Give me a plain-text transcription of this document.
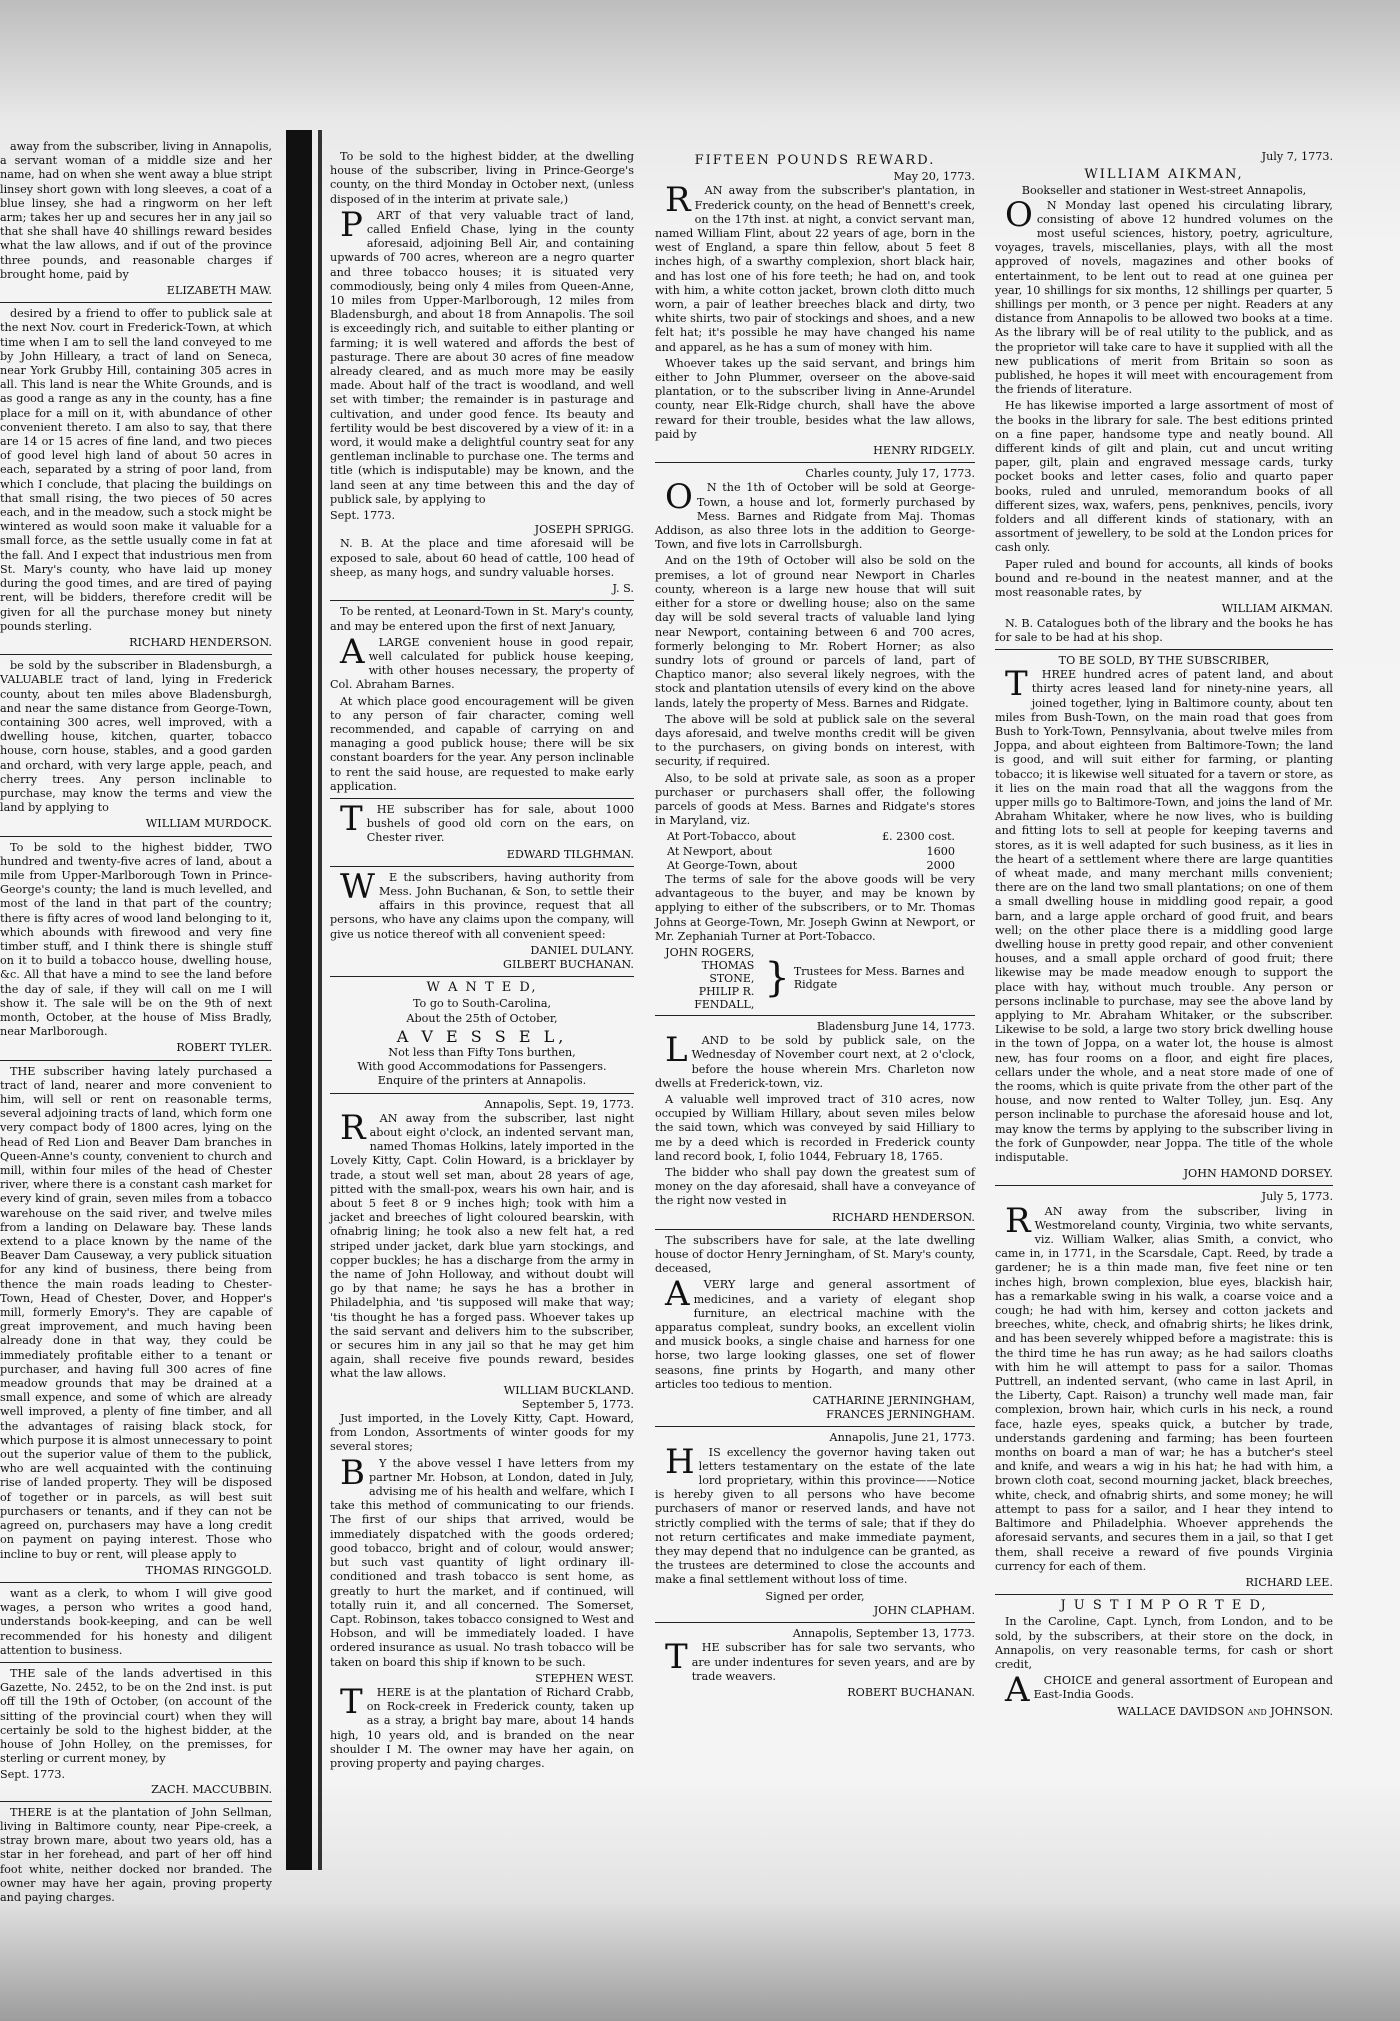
away from the subscriber, living in Annapolis, a servant woman of a middle size and her name, had on when she went away a blue stript linsey short gown with long sleeves, a coat of a blue linsey, she had a ringworm on her left arm; takes her up and secures her in any jail so that she shall have 40 shillings reward besides what the law allows, and if out of the province three pounds, and reasonable charges if brought home, paid by

ELIZABETH MAW.

desired by a friend to offer to publick sale at the next Nov. court in Frederick-Town, at which time when I am to sell the land conveyed to me by John Hilleary, a tract of land on Seneca, near York Grubby Hill, containing 305 acres in all. This land is near the White Grounds, and is as good a range as any in the county, has a fine place for a mill on it, with abundance of other convenient thereto. I am also to say, that there are 14 or 15 acres of fine land, and two pieces of good level high land of about 50 acres in each, separated by a string of poor land, from which I conclude, that placing the buildings on that small rising, the two pieces of 50 acres each, and in the meadow, such a stock might be wintered as would soon make it valuable for a small force, as the settle usually come in fat at the fall. And I expect that industrious men from St. Mary's county, who have laid up money during the good times, and are tired of paying rent, will be bidders, therefore credit will be given for all the purchase money but ninety pounds sterling.

RICHARD HENDERSON.

be sold by the subscriber in Bladensburgh, a VALUABLE tract of land, lying in Frederick county, about ten miles above Bladensburgh, and near the same distance from George-Town, containing 300 acres, well improved, with a dwelling house, kitchen, quarter, tobacco house, corn house, stables, and a good garden and orchard, with very large apple, peach, and cherry trees. Any person inclinable to purchase, may know the terms and view the land by applying to

WILLIAM MURDOCK.

To be sold to the highest bidder, TWO hundred and twenty-five acres of land, about a mile from Upper-Marlborough Town in Prince-George's county; the land is much levelled, and most of the land in that part of the country; there is fifty acres of wood land belonging to it, which abounds with firewood and very fine timber stuff, and I think there is shingle stuff on it to build a tobacco house, dwelling house, &c. All that have a mind to see the land before the day of sale, if they will call on me I will show it. The sale will be on the 9th of next month, October, at the house of Miss Bradly, near Marlborough.

ROBERT TYLER.

THE subscriber having lately purchased a tract of land, nearer and more convenient to him, will sell or rent on reasonable terms, several adjoining tracts of land, which form one very compact body of 1800 acres, lying on the head of Red Lion and Beaver Dam branches in Queen-Anne's county, convenient to church and mill, within four miles of the head of Chester river, where there is a constant cash market for every kind of grain, seven miles from a tobacco warehouse on the said river, and twelve miles from a landing on Delaware bay. These lands extend to a place known by the name of the Beaver Dam Causeway, a very publick situation for any kind of business, there being from thence the main roads leading to Chester-Town, Head of Chester, Dover, and Hopper's mill, formerly Emory's. They are capable of great improvement, and much having been already done in that way, they could be immediately profitable either to a tenant or purchaser, and having full 300 acres of fine meadow grounds that may be drained at a small expence, and some of which are already well improved, a plenty of fine timber, and all the advantages of raising black stock, for which purpose it is almost unnecessary to point out the superior value of them to the publick, who are well acquainted with the continuing rise of landed property. They will be disposed of together or in parcels, as will best suit purchasers or tenants, and if they can not be agreed on, purchasers may have a long credit on payment on paying interest. Those who incline to buy or rent, will please apply to

THOMAS RINGGOLD.

want as a clerk, to whom I will give good wages, a person who writes a good hand, understands book-keeping, and can be well recommended for his honesty and diligent attention to business.

THE sale of the lands advertised in this Gazette, No. 2452, to be on the 2nd inst. is put off till the 19th of October, (on account of the sitting of the provincial court) when they will certainly be sold to the highest bidder, at the house of John Holley, on the premisses, for sterling or current money, by

Sept. 1773.
ZACH. MACCUBBIN.

THERE is at the plantation of John Sellman, living in Baltimore county, near Pipe-creek, a stray brown mare, about two years old, has a star in her forehead, and part of her off hind foot white, neither docked nor branded. The owner may have her again, proving property and paying charges.

To be sold to the highest bidder, at the dwelling house of the subscriber, living in Prince-George's county, on the third Monday in October next, (unless disposed of in the interim at private sale,)

PART of that very valuable tract of land, called Enfield Chase, lying in the county aforesaid, adjoining Bell Air, and containing upwards of 700 acres, whereon are a negro quarter and three tobacco houses; it is situated very commodiously, being only 4 miles from Queen-Anne, 10 miles from Upper-Marlborough, 12 miles from Bladensburgh, and about 18 from Annapolis. The soil is exceedingly rich, and suitable to either planting or farming; it is well watered and affords the best of pasturage. There are about 30 acres of fine meadow already cleared, and as much more may be easily made. About half of the tract is woodland, and well set with timber; the remainder is in pasturage and cultivation, and under good fence. Its beauty and fertility would be best discovered by a view of it: in a word, it would make a delightful country seat for any gentleman inclinable to purchase one. The terms and title (which is indisputable) may be known, and the land seen at any time between this and the day of publick sale, by applying to

Sept. 1773.
JOSEPH SPRIGG.

N. B. At the place and time aforesaid will be exposed to sale, about 60 head of cattle, 100 head of sheep, as many hogs, and sundry valuable horses.

J. S.

To be rented, at Leonard-Town in St. Mary's county, and may be entered upon the first of next January,

ALARGE convenient house in good repair, well calculated for publick house keeping, with other houses necessary, the property of Col. Abraham Barnes.

At which place good encouragement will be given to any person of fair character, coming well recommended, and capable of carrying on and managing a good publick house; there will be six constant boarders for the year. Any person inclinable to rent the said house, are requested to make early application.

THE subscriber has for sale, about 1000 bushels of good old corn on the ears, on Chester river.

EDWARD TILGHMAN.

WE the subscribers, having authority from Mess. John Buchanan, & Son, to settle their affairs in this province, request that all persons, who have any claims upon the company, will give us notice thereof with all convenient speed:

DANIEL DULANY.
GILBERT BUCHANAN.
W A N T E D,
To go to South-Carolina,
About the 25th of October,
A V E S S E L,
Not less than Fifty Tons burthen,
With good Accommodations for Passengers.
Enquire of the printers at Annapolis.
Annapolis, Sept. 19, 1773.

RAN away from the subscriber, last night about eight o'clock, an indented servant man, named Thomas Holkins, lately imported in the Lovely Kitty, Capt. Colin Howard, is a bricklayer by trade, a stout well set man, about 28 years of age, pitted with the small-pox, wears his own hair, and is about 5 feet 8 or 9 inches high; took with him a jacket and breeches of light coloured bearskin, with ofnabrig lining; he took also a new felt hat, a red striped under jacket, dark blue yarn stockings, and copper buckles; he has a discharge from the army in the name of John Holloway, and without doubt will go by that name; he says he has a brother in Philadelphia, and 'tis supposed will make that way; 'tis thought he has a forged pass. Whoever takes up the said servant and delivers him to the subscriber, or secures him in any jail so that he may get him again, shall receive five pounds reward, besides what the law allows.

WILLIAM BUCKLAND.
September 5, 1773.

Just imported, in the Lovely Kitty, Capt. Howard, from London, Assortments of winter goods for my several stores;

BY the above vessel I have letters from my partner Mr. Hobson, at London, dated in July, advising me of his health and welfare, which I take this method of communicating to our friends. The first of our ships that arrived, would be immediately dispatched with the goods ordered; good tobacco, bright and of colour, would answer; but such vast quantity of light ordinary ill-conditioned and trash tobacco is sent home, as greatly to hurt the market, and if continued, will totally ruin it, and all concerned. The Somerset, Capt. Robinson, takes tobacco consigned to West and Hobson, and will be immediately loaded. I have ordered insurance as usual. No trash tobacco will be taken on board this ship if known to be such.

STEPHEN WEST.

THERE is at the plantation of Richard Crabb, on Rock-creek in Frederick county, taken up as a stray, a bright bay mare, about 14 hands high, 10 years old, and is branded on the near shoulder I M. The owner may have her again, on proving property and paying charges.

FIFTEEN POUNDS REWARD.
May 20, 1773.

RAN away from the subscriber's plantation, in Frederick county, on the head of Bennett's creek, on the 17th inst. at night, a convict servant man, named William Flint, about 22 years of age, born in the west of England, a spare thin fellow, about 5 feet 8 inches high, of a swarthy complexion, short black hair, and has lost one of his fore teeth; he had on, and took with him, a white cotton jacket, brown cloth ditto much worn, a pair of leather breeches black and dirty, two white shirts, two pair of stockings and shoes, and a new felt hat; it's possible he may have changed his name and apparel, as he has a sum of money with him.

Whoever takes up the said servant, and brings him either to John Plummer, overseer on the above-said plantation, or to the subscriber living in Anne-Arundel county, near Elk-Ridge church, shall have the above reward for their trouble, besides what the law allows, paid by

HENRY RIDGELY.
Charles county, July 17, 1773.

ON the 1th of October will be sold at George-Town, a house and lot, formerly purchased by Mess. Barnes and Ridgate from Maj. Thomas Addison, as also three lots in the addition to George-Town, and five lots in Carrollsburgh.

And on the 19th of October will also be sold on the premises, a lot of ground near Newport in Charles county, whereon is a large new house that will suit either for a store or dwelling house; also on the same day will be sold several tracts of valuable land lying near Newport, containing between 6 and 700 acres, formerly belonging to Mr. Robert Horner; as also sundry lots of ground or parcels of land, part of Chaptico manor; also several likely negroes, with the stock and plantation utensils of every kind on the above lands, lately the property of Mess. Barnes and Ridgate.

The above will be sold at publick sale on the several days aforesaid, and twelve months credit will be given to the purchasers, on giving bonds on interest, with security, if required.

Also, to be sold at private sale, as soon as a proper purchaser or purchasers shall offer, the following parcels of goods at Mess. Barnes and Ridgate's stores in Maryland, viz.

At Port-Tobacco, about	£. 2300 cost.
At Newport, about	1600
At George-Town, about	2000

The terms of sale for the above goods will be very advantageous to the buyer, and may be known by applying to either of the subscribers, or to Mr. Thomas Johns at George-Town, Mr. Joseph Gwinn at Newport, or Mr. Zephaniah Turner at Port-Tobacco.

JOHN ROGERS,
THOMAS STONE,
PHILIP R. FENDALL,
} Trustees for Mess. Barnes and Ridgate
Bladensburg June 14, 1773.

LAND to be sold by publick sale, on the Wednesday of November court next, at 2 o'clock, before the house wherein Mrs. Charleton now dwells at Frederick-town, viz.

A valuable well improved tract of 310 acres, now occupied by William Hillary, about seven miles below the said town, which was conveyed by said Hilliary to me by a deed which is recorded in Frederick county land record book, I, folio 1044, February 18, 1765.

The bidder who shall pay down the greatest sum of money on the day aforesaid, shall have a conveyance of the right now vested in

RICHARD HENDERSON.

The subscribers have for sale, at the late dwelling house of doctor Henry Jerningham, of St. Mary's county, deceased,

AVERY large and general assortment of medicines, and a variety of elegant shop furniture, an electrical machine with the apparatus compleat, sundry books, an excellent violin and musick books, a single chaise and harness for one horse, two large looking glasses, one set of flower seasons, fine prints by Hogarth, and many other articles too tedious to mention.

CATHARINE JERNINGHAM,
FRANCES JERNINGHAM.
Annapolis, June 21, 1773.

HIS excellency the governor having taken out letters testamentary on the estate of the late lord proprietary, within this province——Notice is hereby given to all persons who have become purchasers of manor or reserved lands, and have not strictly complied with the terms of sale; that if they do not return certificates and make immediate payment, they may depend that no indulgence can be granted, as the trustees are determined to close the accounts and make a final settlement without loss of time.

Signed per order,
JOHN CLAPHAM.
Annapolis, September 13, 1773.

THE subscriber has for sale two servants, who are under indentures for seven years, and are by trade weavers.

ROBERT BUCHANAN.
July 7, 1773.
WILLIAM AIKMAN,
Bookseller and stationer in West-street Annapolis,

ON Monday last opened his circulating library, consisting of above 12 hundred volumes on the most useful sciences, history, poetry, agriculture, voyages, travels, miscellanies, plays, with all the most approved of novels, magazines and other books of entertainment, to be lent out to read at one guinea per year, 10 shillings for six months, 12 shillings per quarter, 5 shillings per month, or 3 pence per night. Readers at any distance from Annapolis to be allowed two books at a time. As the library will be of real utility to the publick, and as the proprietor will take care to have it supplied with all the new publications of merit from Britain so soon as published, he hopes it will meet with encouragement from the friends of literature.

He has likewise imported a large assortment of most of the books in the library for sale. The best editions printed on a fine paper, handsome type and neatly bound. All different kinds of gilt and plain, cut and uncut writing paper, gilt, plain and engraved message cards, turky pocket books and letter cases, folio and quarto paper books, ruled and unruled, memorandum books of all different sizes, wax, wafers, pens, penknives, pencils, ivory folders and all different kinds of stationary, with an assortment of jewellery, to be sold at the London prices for cash only.

Paper ruled and bound for accounts, all kinds of books bound and re-bound in the neatest manner, and at the most reasonable rates, by

WILLIAM AIKMAN.

N. B. Catalogues both of the library and the books he has for sale to be had at his shop.

TO BE SOLD, BY THE SUBSCRIBER,

THREE hundred acres of patent land, and about thirty acres leased land for ninety-nine years, all joined together, lying in Baltimore county, about ten miles from Bush-Town, on the main road that goes from Bush to York-Town, Pennsylvania, about twelve miles from Joppa, and about eighteen from Baltimore-Town; the land is good, and will suit either for farming, or planting tobacco; it is likewise well situated for a tavern or store, as it lies on the main road that all the waggons from the upper mills go to Baltimore-Town, and joins the land of Mr. Abraham Whitaker, where he now lives, who is building and fitting lots to sell at people for keeping taverns and stores, as it is well adapted for such business, as it lies in the heart of a settlement where there are large quantities of wheat made, and many merchant mills convenient; there are on the land two small plantations; on one of them a small dwelling house in middling good repair, a good barn, and a large apple orchard of good fruit, and bears well; on the other place there is a middling good large dwelling house in pretty good repair, and other convenient houses, and a small apple orchard of good fruit; there likewise may be made meadow enough to support the place with hay, without much trouble. Any person or persons inclinable to purchase, may see the above land by applying to Mr. Abraham Whitaker, or the subscriber. Likewise to be sold, a large two story brick dwelling house in the town of Joppa, on a water lot, the house is almost new, has four rooms on a floor, and eight fire places, cellars under the whole, and a neat store made of one of the rooms, which is quite private from the other part of the house, and now rented to Walter Tolley, jun. Esq. Any person inclinable to purchase the aforesaid house and lot, may know the terms by applying to the subscriber living in the fork of Gunpowder, near Joppa. The title of the whole indisputable.

JOHN HAMOND DORSEY.
July 5, 1773.

RAN away from the subscriber, living in Westmoreland county, Virginia, two white servants, viz. William Walker, alias Smith, a convict, who came in, in 1771, in the Scarsdale, Capt. Reed, by trade a gardener; he is a thin made man, five feet nine or ten inches high, brown complexion, blue eyes, blackish hair, has a remarkable swing in his walk, a coarse voice and a cough; he had with him, kersey and cotton jackets and breeches, white, check, and ofnabrig shirts; he likes drink, and has been severely whipped before a magistrate: this is the third time he has run away; as he had sailors cloaths with him he will attempt to pass for a sailor. Thomas Puttrell, an indented servant, (who came in last April, in the Liberty, Capt. Raison) a trunchy well made man, fair complexion, brown hair, which curls in his neck, a round face, hazle eyes, speaks quick, a butcher by trade, understands gardening and farming; has been fourteen months on board a man of war; he has a butcher's steel and knife, and wears a wig in his hat; he had with him, a brown cloth coat, second mourning jacket, black breeches, white, check, and ofnabrig shirts, and some money; he will attempt to pass for a sailor, and I hear they intend to Baltimore and Philadelphia. Whoever apprehends the aforesaid servants, and secures them in a jail, so that I get them, shall receive a reward of five pounds Virginia currency for each of them.

RICHARD LEE.
J U S T I M P O R T E D,

In the Caroline, Capt. Lynch, from London, and to be sold, by the subscribers, at their store on the dock, in Annapolis, on very reasonable terms, for cash or short credit,

ACHOICE and general assortment of European and East-India Goods.

WALLACE DAVIDSON and JOHNSON.
